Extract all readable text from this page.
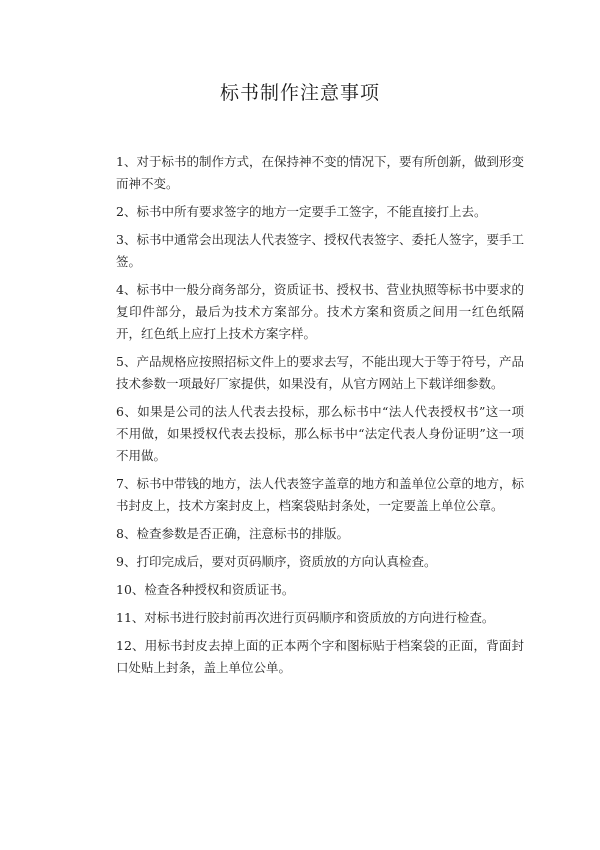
标书制作注意事项
1、对于标书的制作方式，在保持神不变的情况下，要有所创新，做到形变而神不变。
2、标书中所有要求签字的地方一定要手工签字，不能直接打上去。
3、标书中通常会出现法人代表签字、授权代表签字、委托人签字，要手工签。
4、标书中一般分商务部分，资质证书、授权书、营业执照等标书中要求的复印件部分，最后为技术方案部分。技术方案和资质之间用一红色纸隔开，红色纸上应打上技术方案字样。
5、产品规格应按照招标文件上的要求去写，不能出现大于等于符号，产品技术参数一项最好厂家提供，如果没有，从官方网站上下载详细参数。
6、如果是公司的法人代表去投标，那么标书中“法人代表授权书”这一项不用做，如果授权代表去投标，那么标书中“法定代表人身份证明”这一项不用做。
7、标书中带钱的地方，法人代表签字盖章的地方和盖单位公章的地方，标书封皮上，技术方案封皮上，档案袋贴封条处，一定要盖上单位公章。
8、检查参数是否正确，注意标书的排版。
9、打印完成后，要对页码顺序，资质放的方向认真检查。
10、检查各种授权和资质证书。
11、对标书进行胶封前再次进行页码顺序和资质放的方向进行检查。
12、用标书封皮去掉上面的正本两个字和图标贴于档案袋的正面，背面封口处贴上封条，盖上单位公单。
